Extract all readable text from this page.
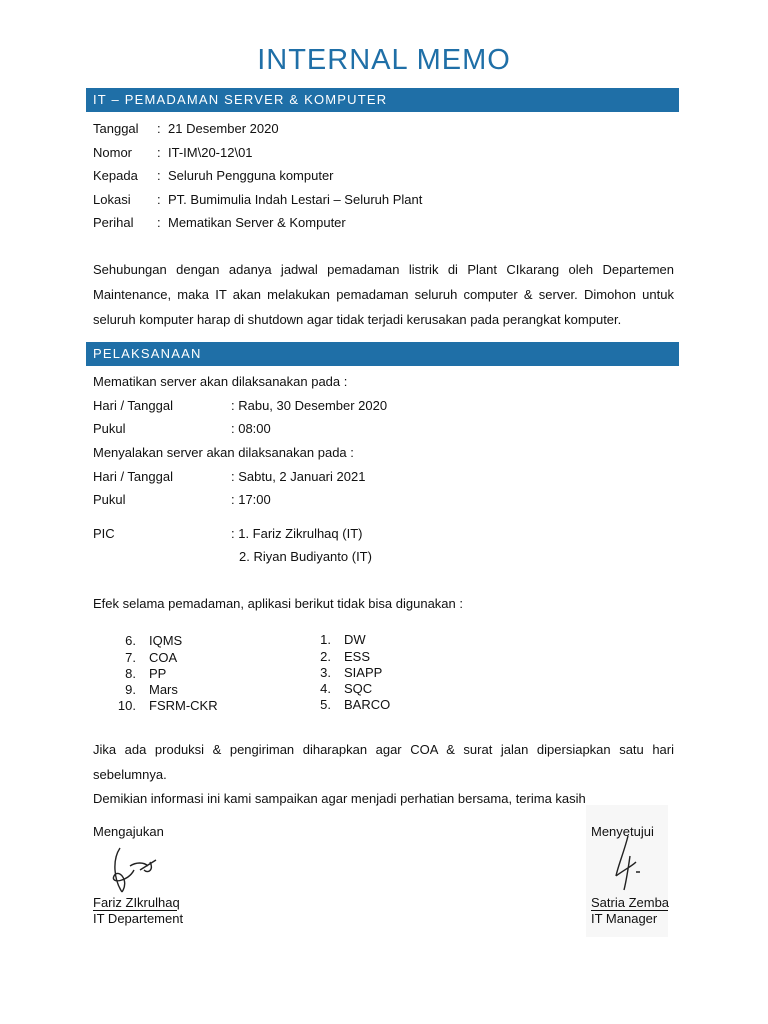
INTERNAL MEMO
IT – PEMADAMAN SERVER & KOMPUTER
Tanggal : 21 Desember 2020
Nomor : IT-IM\20-12\01
Kepada : Seluruh Pengguna komputer
Lokasi : PT. Bumimulia Indah Lestari – Seluruh Plant
Perihal : Mematikan Server & Komputer
Sehubungan dengan adanya jadwal pemadaman listrik di Plant CIkarang oleh Departemen
Maintenance, maka IT akan melakukan pemadaman seluruh computer & server. Dimohon untuk
seluruh komputer harap di shutdown agar tidak terjadi kerusakan pada perangkat komputer.
PELAKSANAAN
Mematikan server akan dilaksanakan pada :
Hari / Tanggal	: Rabu, 30 Desember 2020
Pukul	: 08:00
Menyalakan server akan dilaksanakan pada :
Hari / Tanggal	: Sabtu, 2 Januari 2021
Pukul	: 17:00
PIC	: 1. Fariz Zikrulhaq (IT)
2. Riyan Budiyanto (IT)
Efek selama pemadaman, aplikasi berikut tidak bisa digunakan :
6. IQMS
7. COA
8. PP
9. Mars
10. FSRM-CKR
1. DW
2. ESS
3. SIAPP
4. SQC
5. BARCO
Jika ada produksi & pengiriman diharapkan agar COA & surat jalan dipersiapkan satu hari
sebelumnya.
Demikian informasi ini kami sampaikan agar menjadi perhatian bersama, terima kasih
Mengajukan
Fariz ZIkrulhaq
IT Departement
Menyetujui
Satria Zemba
IT Manager
